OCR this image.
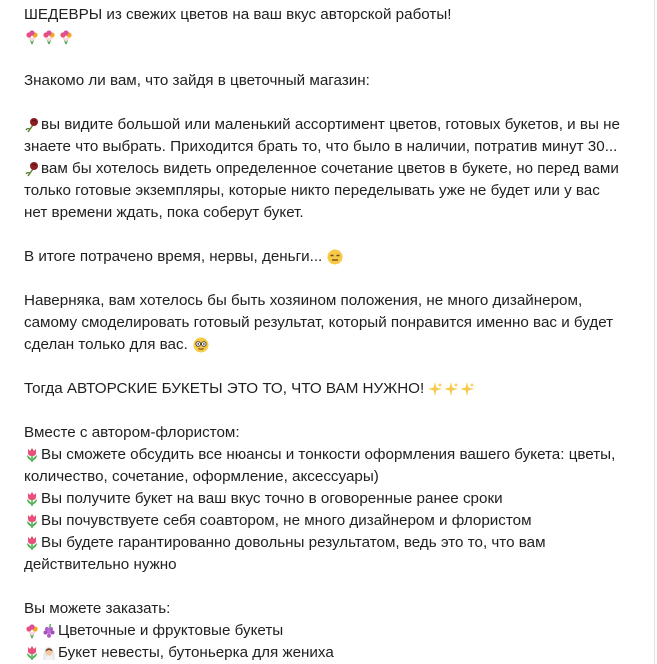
ШЕДЕВРЫ из свежих цветов на ваш вкус авторской работы!
Знакомо ли вам, что зайдя в цветочный магазин:
вы видите большой или маленький ассортимент цветов, готовых букетов, и вы не
знаете что выбрать. Приходится брать то, что было в наличии, потратив минут 30...
вам бы хотелось видеть определенное сочетание цветов в букете, но перед вами
только готовые экземпляры, которые никто переделывать уже не будет или у вас
нет времени ждать, пока соберут букет.
В итоге потрачено время, нервы, деньги...
Наверняка, вам хотелось бы быть хозяином положения, не много дизайнером,
самому смоделировать готовый результат, который понравится именно вас и будет
сделан только для вас.
Тогда АВТОРСКИЕ БУКЕТЫ ЭТО ТО, ЧТО ВАМ НУЖНО!
Вместе с автором-флористом:
Вы сможете обсудить все нюансы и тонкости оформления вашего букета: цветы,
количество, сочетание, оформление, аксессуары)
Вы получите букет на ваш вкус точно в оговоренные ранее сроки
Вы почувствуете себя соавтором, не много дизайнером и флористом
Вы будете гарантированно довольны результатом, ведь это то, что вам
действительно нужно
Вы можете заказать:
Цветочные и фруктовые букеты
Букет невесты, бутоньерка для жениха
